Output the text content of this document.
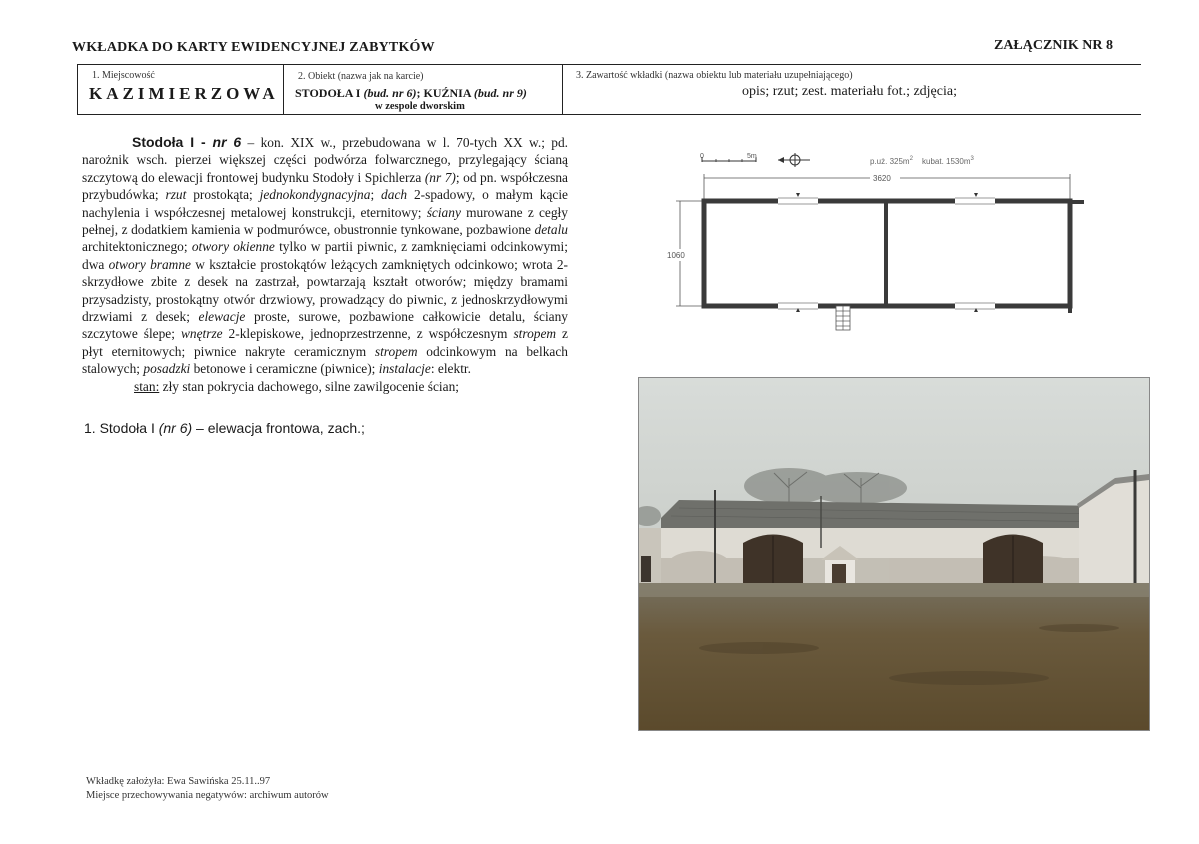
WKŁADKA DO KARTY EWIDENCYJNEJ ZABYTKÓW	ZAŁĄCZNIK NR 8
1. Miejscowość
KAZIMIERZOWA
2. Obiekt (nazwa jak na karcie)
STODOŁA I (bud. nr 6); KUŹNIA (bud. nr 9)
w zespole dworskim
3. Zawartość wkładki (nazwa obiektu lub materiału uzupełniającego)
opis; rzut; zest. materiału fot.; zdjęcia;
Stodoła I - nr 6 – kon. XIX w., przebudowana w l. 70-tych XX w.; pd. narożnik wsch. pierzei większej części podwórza folwarcznego, przylegający ścianą szczytową do elewacji frontowej budynku Stodoły i Spichlerza (nr 7); od pn. współczesna przybudówka; rzut prostokąta; jednokondygnacyjna; dach 2-spadowy, o małym kącie nachylenia i współczesnej metalowej konstrukcji, eternitowy; ściany murowane z cegły pełnej, z dodatkiem kamienia w podmurówce, obustronnie tynkowane, pozbawione detalu architektonicznego; otwory okienne tylko w partii piwnic, z zamknięciami odcinkowymi; dwa otwory bramne w kształcie prostokątów leżących zamkniętych odcinkowo; wrota 2-skrzydłowe zbite z desek na zastrzał, powtarzają kształt otworów; między bramami przysadzisty, prostokątny otwór drzwiowy, prowadzący do piwnic, z jednoskrzydłowymi drzwiami z desek; elewacje proste, surowe, pozbawione całkowicie detalu, ściany szczytowe ślepe; wnętrze 2-klepiskowe, jednoprzestrzenne, z współczesnym stropem z płyt eternitowych; piwnice nakryte ceramicznym stropem odcinkowym na belkach stalowych; posadzki betonowe i ceramiczne (piwnice); instalacje: elektr.
stan: zły stan pokrycia dachowego, silne zawilgocenie ścian;
1. Stodoła I (nr 6) – elewacja frontowa, zach.;
0	5m
p.uż. $325m^2$ kubat. $1530m^3$
3620
1060
Wkładkę założyła: Ewa Sawińska 25.11..97
Miejsce przechowywania negatywów: archiwum autorów
